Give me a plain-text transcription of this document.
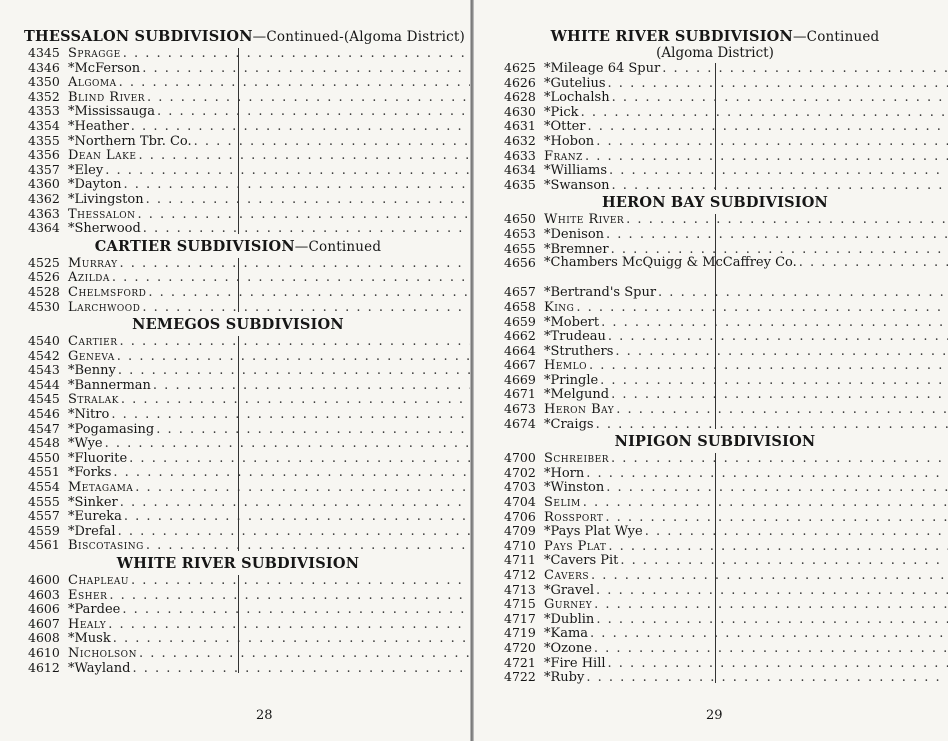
THESSALON SUBDIVISION—Continued-(Algoma District)
4345 Spragge
. . .
4346 *McFerson
. . .
4350 Algoma
. . .
4352 Blind River
. . .
4353 *Mississauga
. . .
4354 *Heather
. . .
4355 *Northern Tbr. Co.
. . .
4356 Dean Lake
. . .
4357 *Eley
. . .
4360 *Dayton
. . .
4362 *Livingston
. . .
4363 Thessalon
. . .
4364 *Sherwood
. . .
CARTIER SUBDIVISION—Continued
4525 Murray
. . .
4526 Azilda
. . .
4528 Chelmsford
. . .
4530 Larchwood
. . .
NEMEGOS SUBDIVISION
4540 Cartier
. . .
4542 Geneva
. . .
4543 *Benny
. . .
4544 *Bannerman
. . .
4545 Stralak
. . .
4546 *Nitro
. . .
4547 *Pogamasing
. . .
4548 *Wye
. . .
4550 *Fluorite
. . .
4551 *Forks
. . .
4554 Metagama
. . .
4555 *Sinker
. . .
4557 *Eureka
. . .
4559 *Drefal
. . .
4561 Biscotasing
. . .
WHITE RIVER SUBDIVISION
4600 Chapleau
. . .
4603 Esher
. . .
4606 *Pardee
. . .
4607 Healy
. . .
4608 *Musk
. . .
4610 Nicholson
. . .
4612 *Wayland
. . .
28
WHITE RIVER SUBDIVISION—Continued
(Algoma District)
4625 *Mileage 64 Spur
. . .
4626 *Gutelius
. . .
4628 *Lochalsh
. . .
4630 *Pick
. . .
4631 *Otter
. . .
4632 *Hobon
. . .
4633 Franz
. . .
4634 *Williams
. . .
4635 *Swanson
. . .
HERON BAY SUBDIVISION
4650 White River
. . .
4653 *Denison
. . .
4655 *Bremner
. . .
4656 *Chambers McQuigg & McCaffrey Co.
. . .
4657 *Bertrand's Spur
. . .
4658 King
. . .
4659 *Mobert
. . .
4662 *Trudeau
. . .
4664 *Struthers
. . .
4667 Hemlo
. . .
4669 *Pringle
. . .
4671 *Melgund
. . .
4673 Heron Bay
. . .
4674 *Craigs
. . .
NIPIGON SUBDIVISION
4700 Schreiber
. . .
4702 *Horn
. . .
4703 *Winston
. . .
4704 Selim
. . .
4706 Rossport
. . .
4709 *Pays Plat Wye
. . .
4710 Pays Plat
. . .
4711 *Cavers Pit
. . .
4712 Cavers
. . .
4713 *Gravel
. . .
4715 Gurney
. . .
4717 *Dublin
. . .
4719 *Kama
. . .
4720 *Ozone
. . .
4721 *Fire Hill
. . .
4722 *Ruby
. . .
29
